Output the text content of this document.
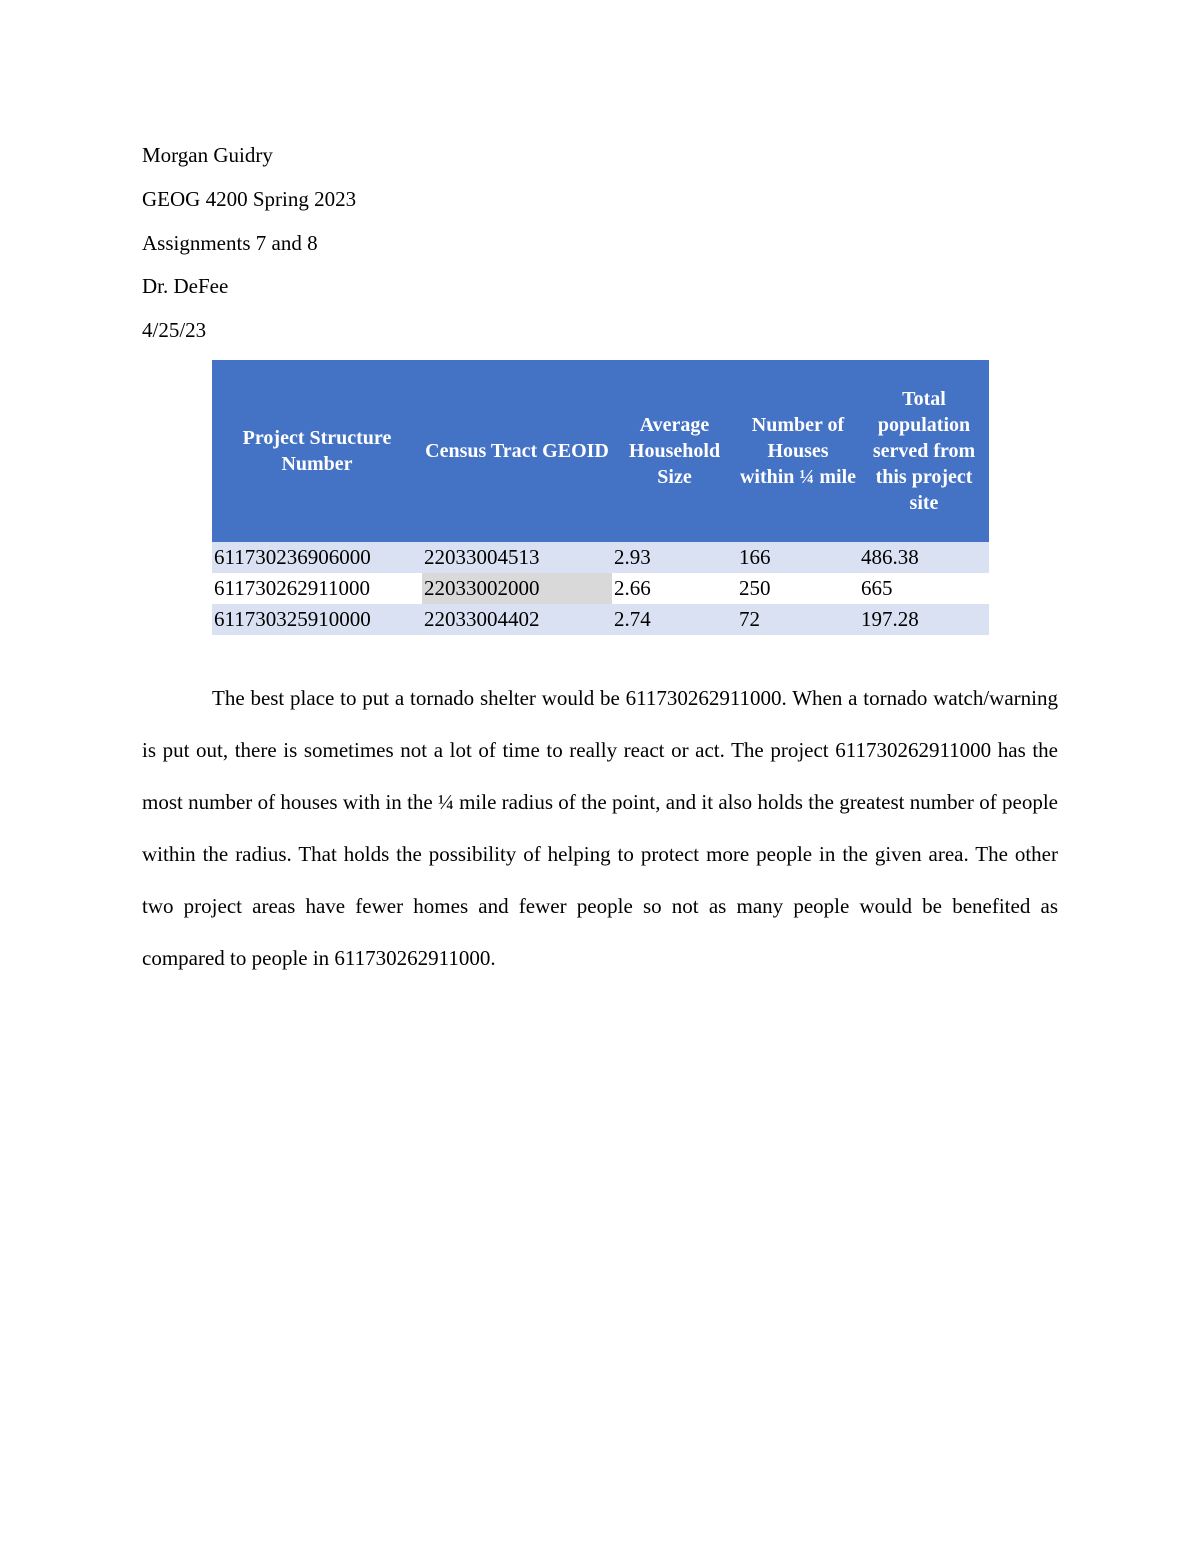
Morgan Guidry
GEOG 4200 Spring 2023
Assignments 7 and 8
Dr. DeFee
4/25/23
Project Structure Number	Census Tract GEOID	Average Household Size	Number of Houses within ¼ mile	Total population served from this project site
611730236906000	22033004513	2.93	166	486.38
611730262911000	22033002000	2.66	250	665
611730325910000	22033004402	2.74	72	197.28

The best place to put a tornado shelter would be 611730262911000. When a tornado watch/warning is put out, there is sometimes not a lot of time to really react or act. The project 611730262911000 has the most number of houses with in the ¼ mile radius of the point, and it also holds the greatest number of people within the radius. That holds the possibility of helping to protect more people in the given area. The other two project areas have fewer homes and fewer people so not as many people would be benefited as compared to people in 611730262911000.
